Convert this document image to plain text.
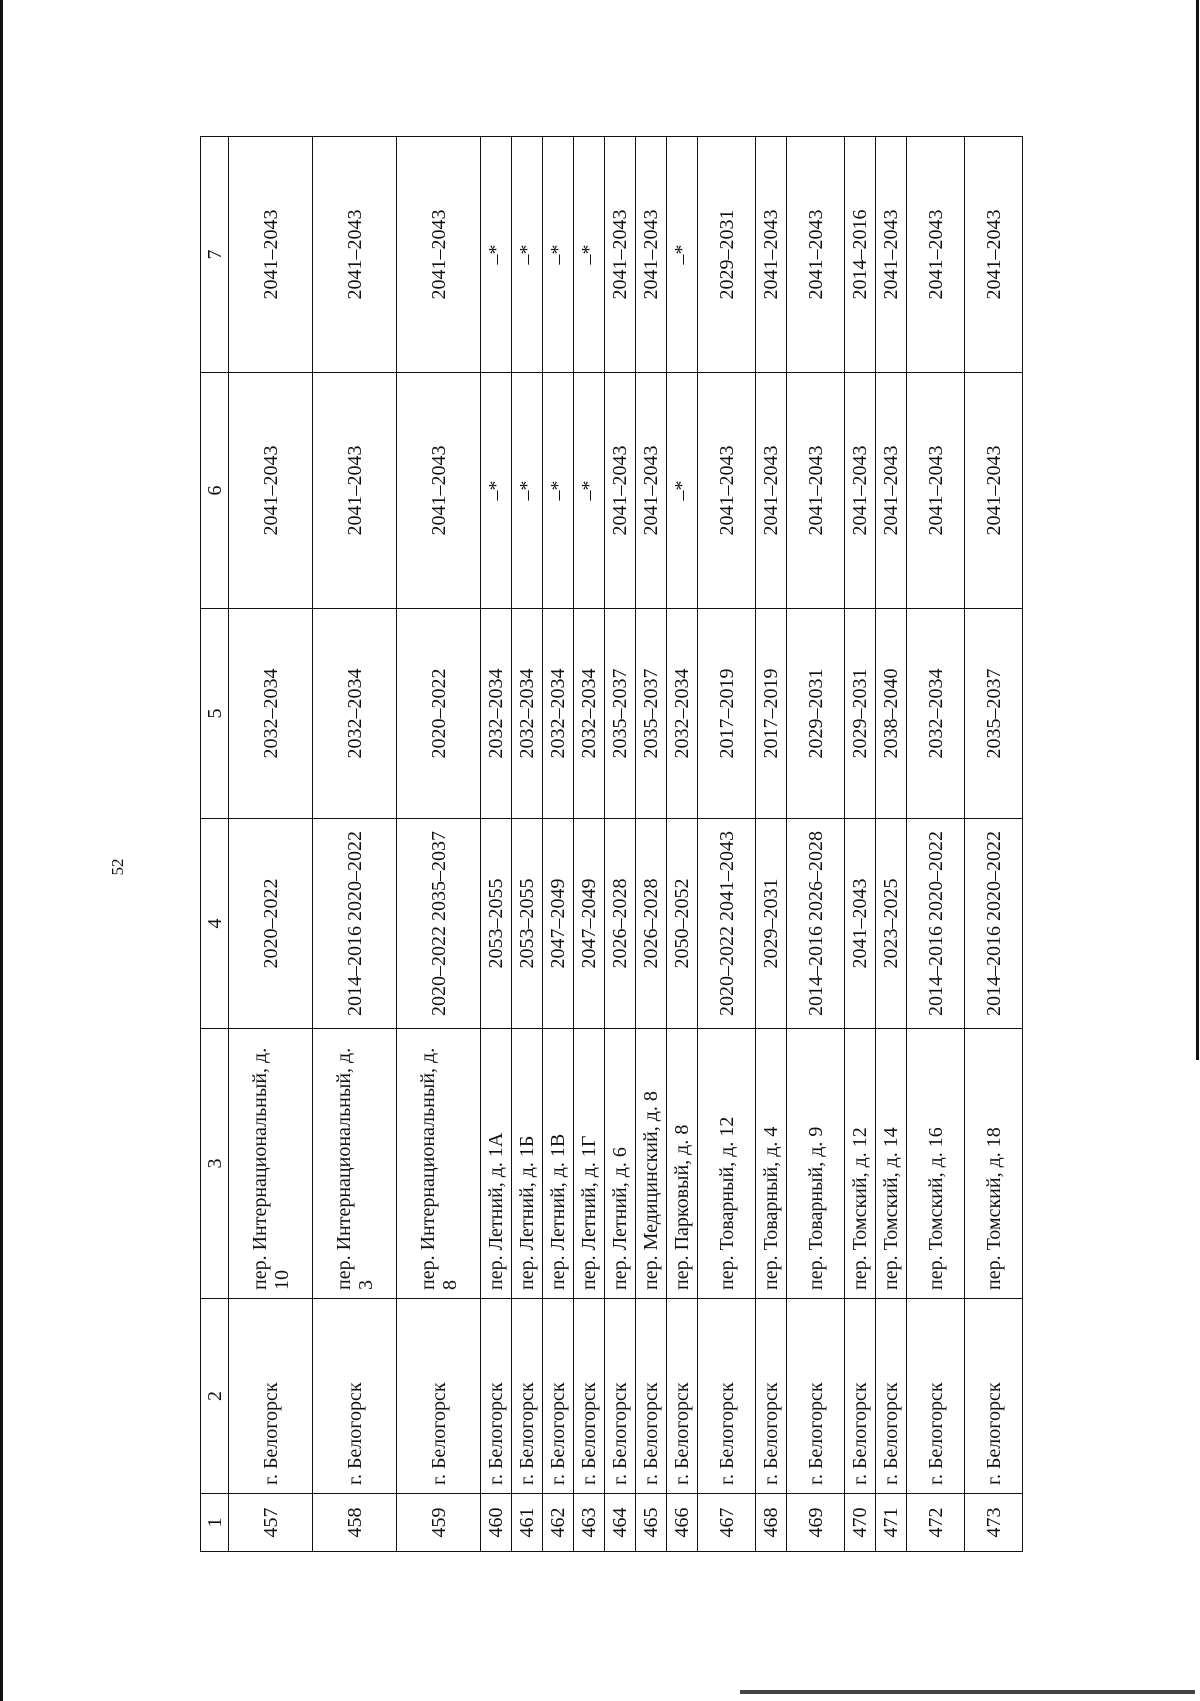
52
1	2	3	4	5	6	7
457	г. Белогорск	пер. Интернациональный, д. 10	2020–2022	2032–2034	2041–2043	2041–2043
458	г. Белогорск	пер. Интернациональный, д. 3	2014–2016 2020–2022	2032–2034	2041–2043	2041–2043
459	г. Белогорск	пер. Интернациональный, д. 8	2020–2022 2035–2037	2020–2022	2041–2043	2041–2043
460	г. Белогорск	пер. Летний, д. 1А	2053–2055	2032–2034	–*	–*
461	г. Белогорск	пер. Летний, д. 1Б	2053–2055	2032–2034	–*	–*
462	г. Белогорск	пер. Летний, д. 1В	2047–2049	2032–2034	–*	–*
463	г. Белогорск	пер. Летний, д. 1Г	2047–2049	2032–2034	–*	–*
464	г. Белогорск	пер. Летний, д. 6	2026–2028	2035–2037	2041–2043	2041–2043
465	г. Белогорск	пер. Медицинский, д. 8	2026–2028	2035–2037	2041–2043	2041–2043
466	г. Белогорск	пер. Парковый, д. 8	2050–2052	2032–2034	–*	–*
467	г. Белогорск	пер. Товарный, д. 12	2020–2022 2041–2043	2017–2019	2041–2043	2029–2031
468	г. Белогорск	пер. Товарный, д. 4	2029–2031	2017–2019	2041–2043	2041–2043
469	г. Белогорск	пер. Товарный, д. 9	2014–2016 2026–2028	2029–2031	2041–2043	2041–2043
470	г. Белогорск	пер. Томский, д. 12	2041–2043	2029–2031	2041–2043	2014–2016
471	г. Белогорск	пер. Томский, д. 14	2023–2025	2038–2040	2041–2043	2041–2043
472	г. Белогорск	пер. Томский, д. 16	2014–2016 2020–2022	2032–2034	2041–2043	2041–2043
473	г. Белогорск	пер. Томский, д. 18	2014–2016 2020–2022	2035–2037	2041–2043	2041–2043
